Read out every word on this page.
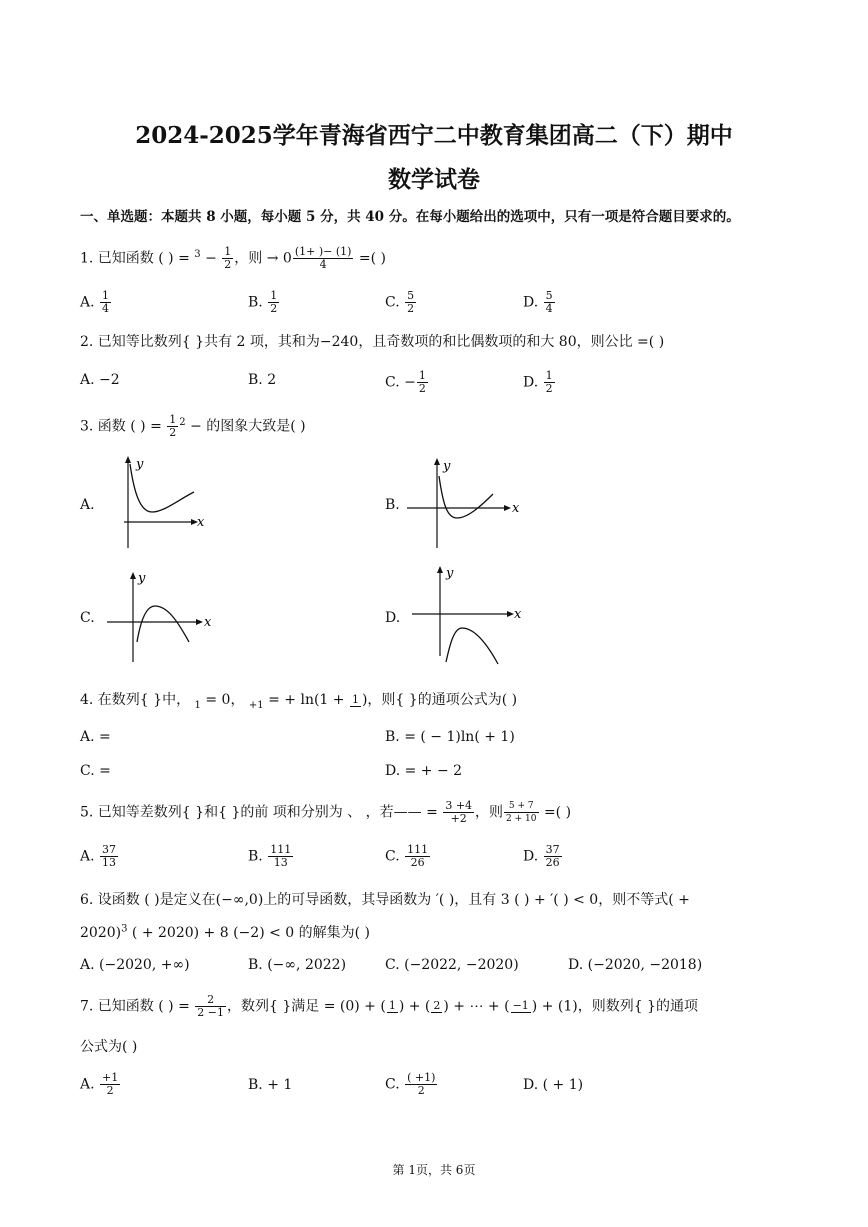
2024-2025学年青海省西宁二中教育集团高二（下）期中
数学试卷
一、单选题：本题共 8 小题，每小题 5 分，共 40 分。在每小题给出的选项中，只有一项是符合题目要求的。
1. 已知函数 ( ) = $^3 - \frac{1}{2}$ ，则 → $0 \frac{(1+ )- (1)}{4}$ =( )
A. $\frac{1}{4}$	B. $\frac{1}{2}$	C. $\frac{5}{2}$	D. $\frac{5}{4}$
2. 已知等比数列{ }共有 2 项，其和为−240，且奇数项的和比偶数项的和大 80，则公比 =( )
A. −2	B. 2	C. − $\frac{1}{2}$	D. $\frac{1}{2}$
3. 函数 ( ) = $\frac{1}{2} ^2$ − 的图象大致是( )
A.
y
x
B.
y
x
C.
y
x	D.
y
x
4. 在数列{ }中， $_1$ = 0， $_{+1}$ = + ln(1 + 1 )，则{ }的通项公式为( )
A. =	B. = ( − 1)ln( + 1)
C. =	D. = + − 2
5. 已知等差数列{ }和{ }的前 项和分别为 、 ，若—— = $\frac{3 +4}{+2}$ ，则 $\frac{5 + 7}{2 + 10}$ =( )
A. $\frac{37}{13}$	B. $\frac{111}{13}$	C. $\frac{111}{26}$	D. $\frac{37}{26}$
6. 设函数 ( )是定义在(−∞,0)上的可导函数，其导函数为 ′( )，且有 3 ( ) + ′( ) < 0，则不等式( +
2020)$^3$ ( + 2020) + 8 (−2) < 0 的解集为( )
A. (−2020, +∞)	B. (−∞, 2022)	C. (−2022, −2020)	D. (−2020, −2018)
7. 已知函数 ( ) = $\frac{2}{2 -1}$ ，数列{ }满足 = (0) + ( 1 ) + ( 2 ) + ⋯ + ( −1 ) + (1)，则数列{ }的通项
公式为( )
A. $\frac{+1}{2}$	B. + 1	C. $\frac{( +1)}{2}$	D. ( + 1)
第 1页，共 6页
